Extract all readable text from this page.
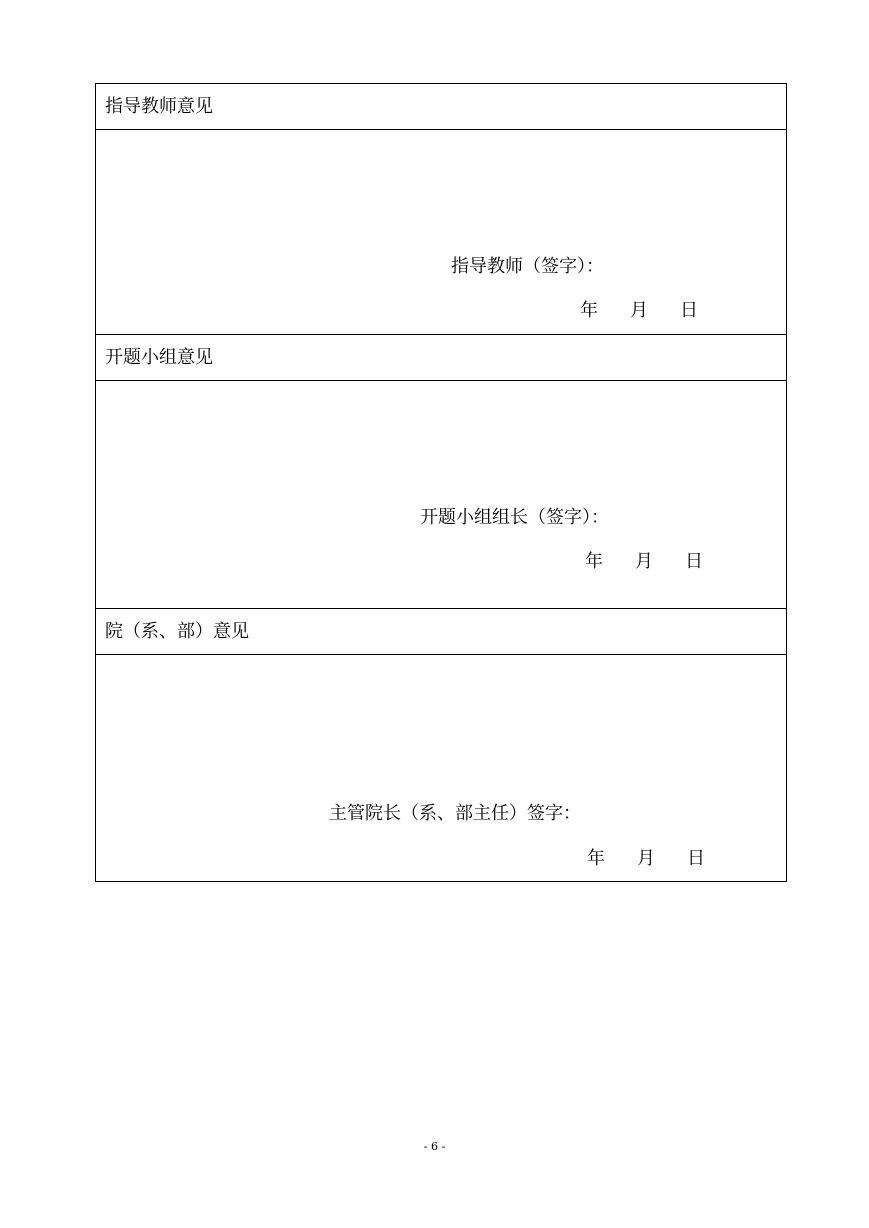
指导教师意见
指导教师（签字）：
年 月 日
开题小组意见
开题小组组长（签字）：
年 月 日
院（系、部）意见
主管院长（系、部主任）签字：
年 月 日
- 6 -
